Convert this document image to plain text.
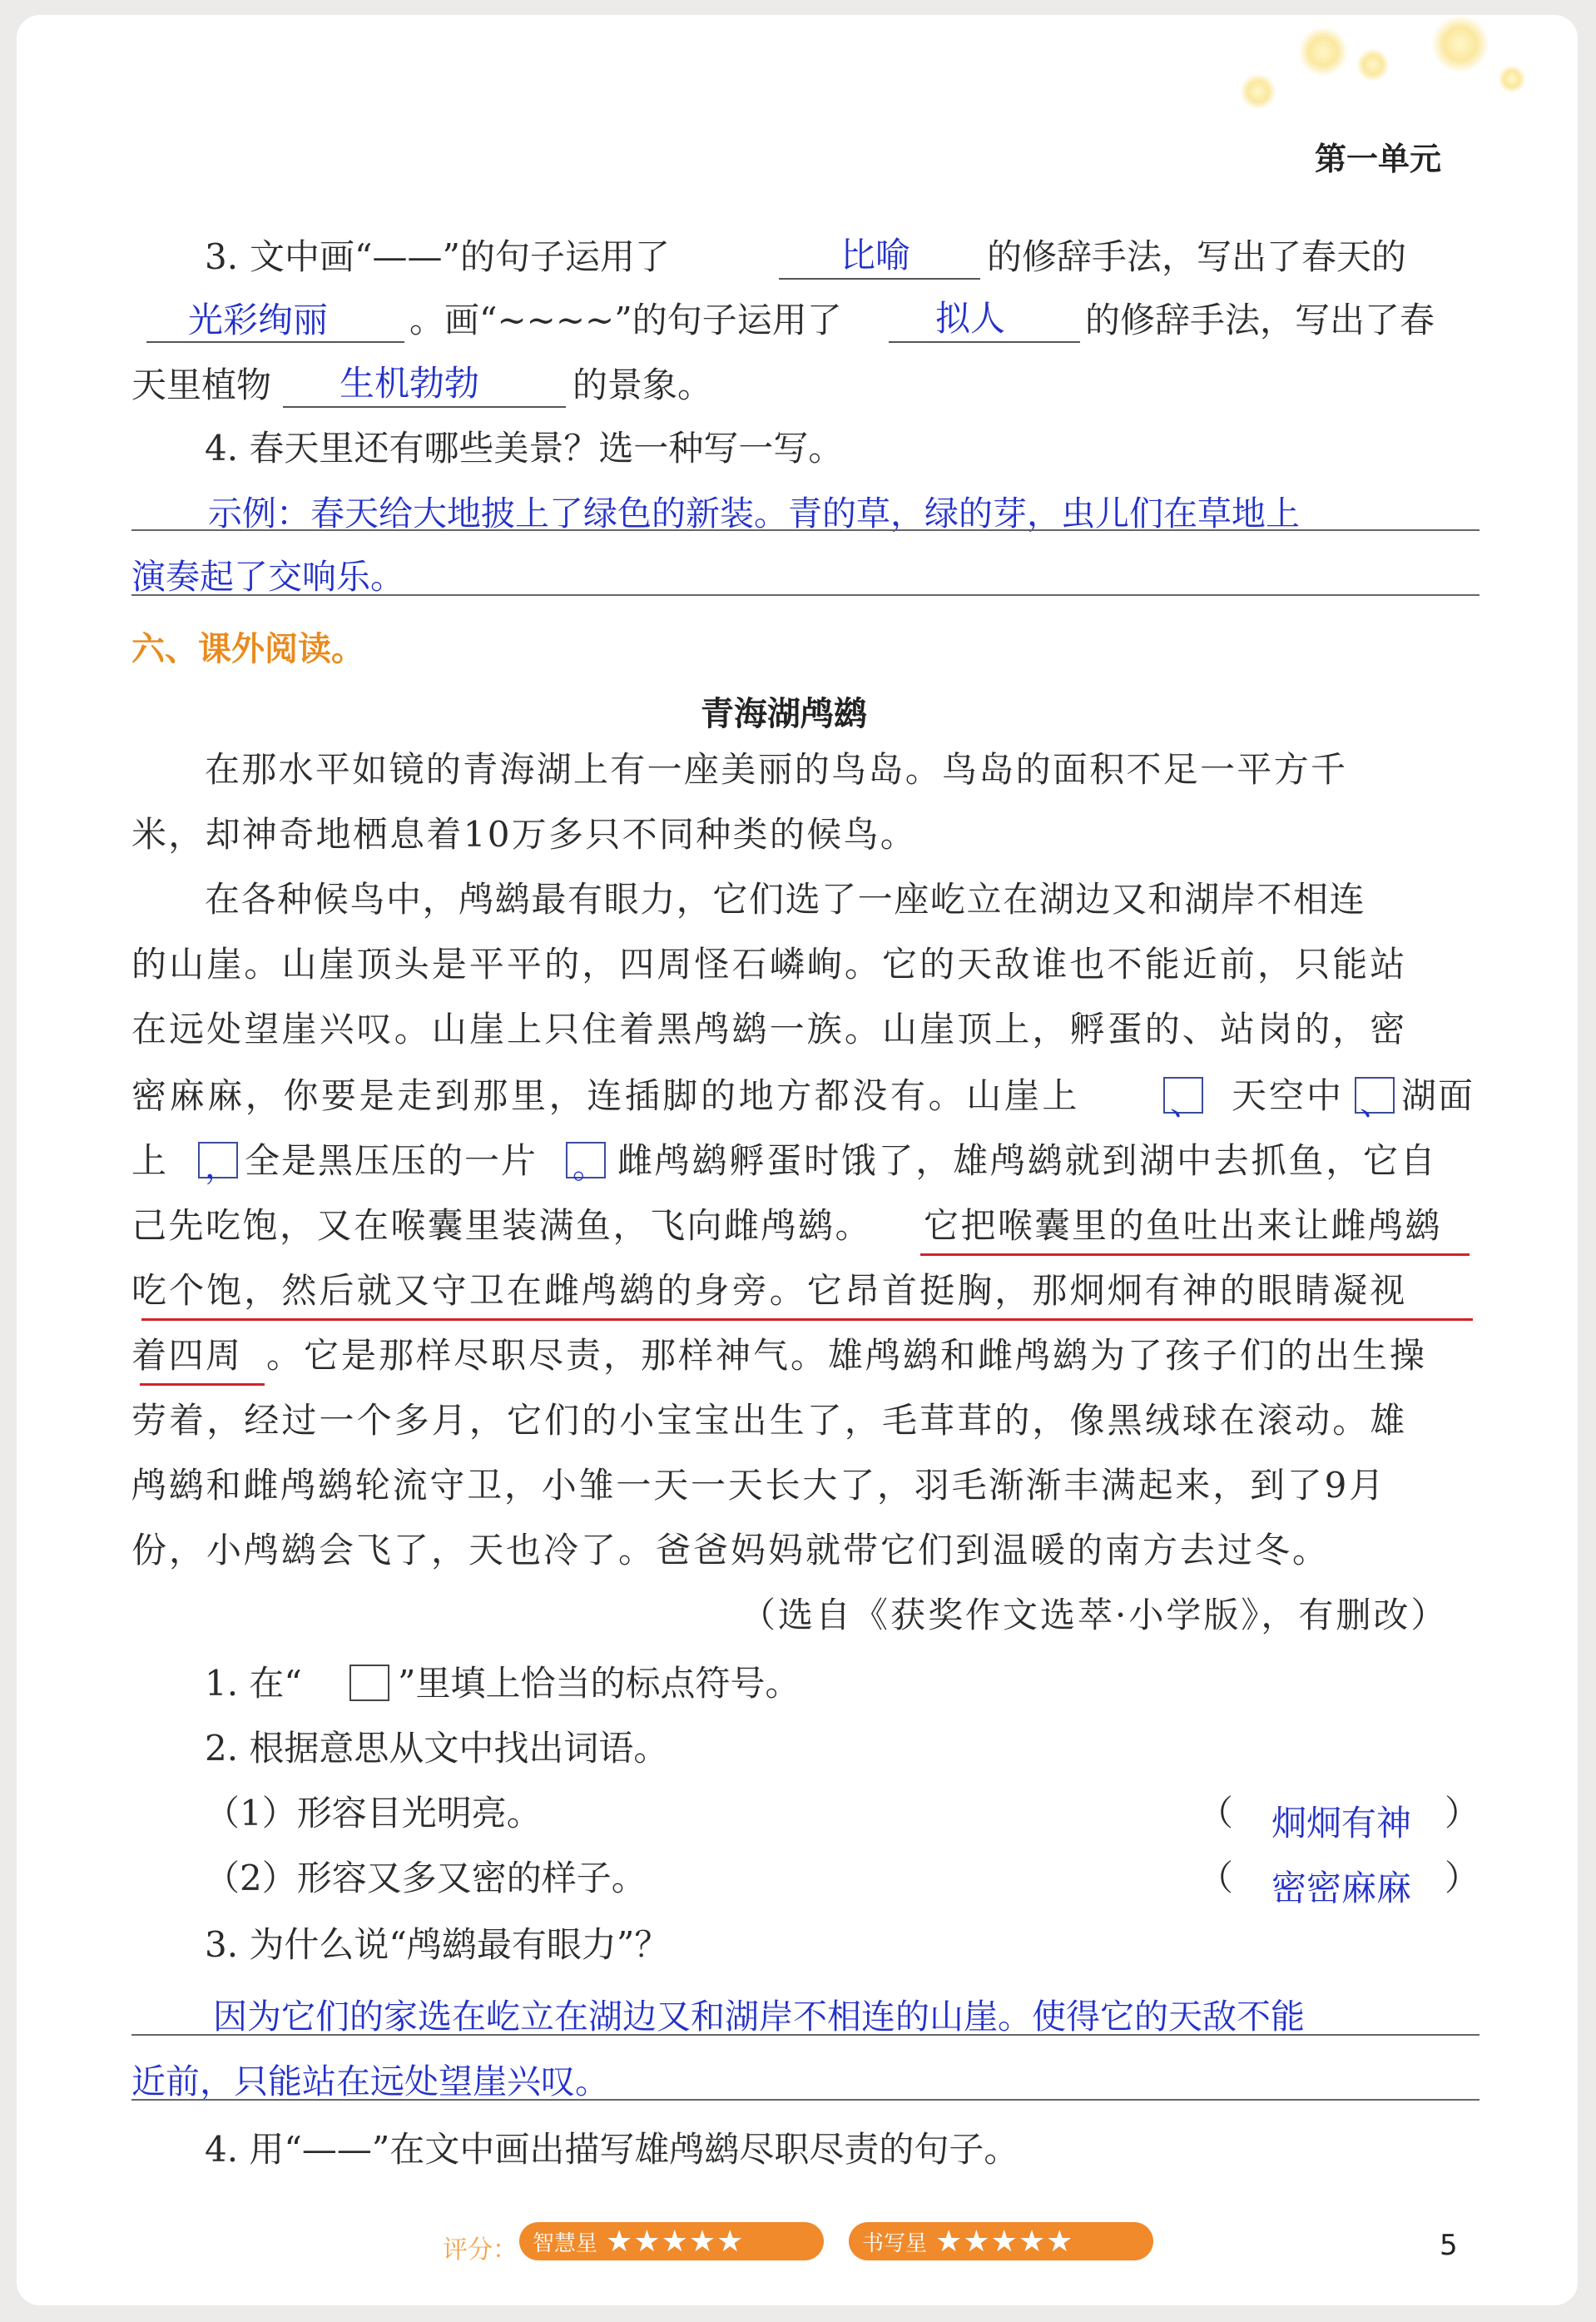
第一单元
3. 文中画“——”的句子运用了	比喻 的修辞手法，写出了春天的
光彩绚丽 。画“~~~~”的句子运用了	拟人 的修辞手法，写出了春
天里植物 生机勃勃	的景象。
4. 春天里还有哪些美景？选一种写一写。
示例：春天给大地披上了绿色的新装。青的草，绿的芽，虫儿们在草地上
演奏起了交响乐。
六、课外阅读。
青海湖鸬鹚
在那水平如镜的青海湖上有一座美丽的鸟岛。鸟岛的面积不足一平方千
米，却神奇地栖息着10万多只不同种类的候鸟。
在各种候鸟中，鸬鹚最有眼力，它们选了一座屹立在湖边又和湖岸不相连
的山崖。山崖顶头是平平的，四周怪石嶙峋。它的天敌谁也不能近前，只能站
在远处望崖兴叹。山崖上只住着黑鸬鹚一族。山崖顶上，孵蛋的、站岗的，密
密麻麻，你要是走到那里，连插脚的地方都没有。山崖上	、 天空中 、 湖面
上 ， 全是黑压压的一片 。 雌鸬鹚孵蛋时饿了，雄鸬鹚就到湖中去抓鱼，它自
己先吃饱，又在喉囊里装满鱼，飞向雌鸬鹚。 它把喉囊里的鱼吐出来让雌鸬鹚
吃个饱，然后就又守卫在雌鸬鹚的身旁。它昂首挺胸，那炯炯有神的眼睛凝视
着四周 。它是那样尽职尽责，那样神气。雄鸬鹚和雌鸬鹚为了孩子们的出生操
劳着，经过一个多月，它们的小宝宝出生了，毛茸茸的，像黑绒球在滚动。雄
鸬鹚和雌鸬鹚轮流守卫，小雏一天一天长大了，羽毛渐渐丰满起来，到了9月
份，小鸬鹚会飞了，天也冷了。爸爸妈妈就带它们到温暖的南方去过冬。
（选自《获奖作文选萃·小学版》，有删改）
1. 在“	”里填上恰当的标点符号。
2. 根据意思从文中找出词语。
（1）形容目光明亮。	（ 炯炯有神 ）
（2）形容又多又密的样子。	（ 密密麻麻 ）
3. 为什么说“鸬鹚最有眼力”？
因为它们的家选在屹立在湖边又和湖岸不相连的山崖。使得它的天敌不能
近前，只能站在远处望崖兴叹。
4. 用“——”在文中画出描写雄鸬鹚尽职尽责的句子。
评分： 智慧星 ★★★★★	书写星 ★★★★★	5
